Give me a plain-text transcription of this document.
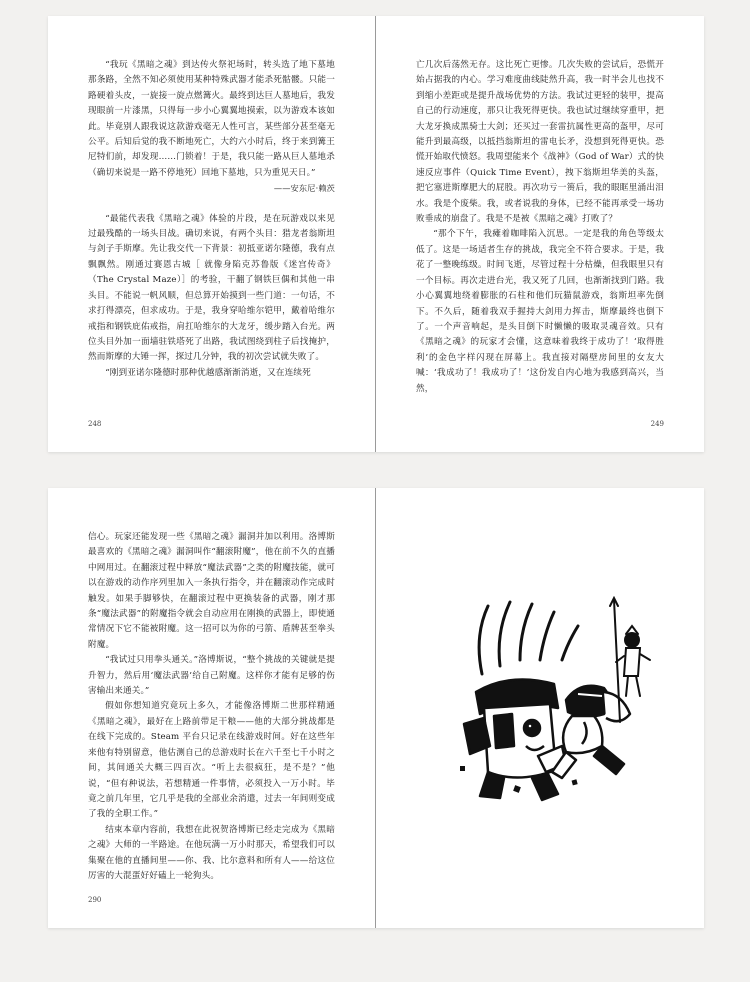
“我玩《黑暗之魂》到达传火祭祀场时，转头选了地下墓地那条路，全然不知必须使用某种特殊武器才能杀死骷髅。只能一路硬着头皮，一旋接一旋点燃篝火。最终到达巨人墓地后，我发现眼前一片漆黑，只得每一步小心翼翼地摸索，以为游戏本该如此。毕竟别人跟我说这款游戏毫无人性可言，某些部分甚至毫无公平。后知后觉的我不断地死亡，大约六小时后，终于来到篝王尼特们前，却发现……门锁着！于是，我只能一路从巨人墓地杀（确切来说是一路不停地死）回地下墓地，只为重见天日。”

——安东尼·赖茨

“最能代表我《黑暗之魂》体验的片段，是在玩游戏以来见过最残酷的一场头目战。确切来说，有两个头目：猎龙者翁斯坦与剑子手斯摩。先让我交代一下背景：初抵亚诺尔隆德，我有点飘飘然。刚通过赛恩古城［ 就像身陷克苏鲁版《迷宫传奇》（The Crystal Maze）］的考验，干翻了钢铁巨偶和其他一串头目。不能说一帆风顺，但总算开始摸到一些门道：一句话，不求打得漂亮，但求成功。于是，我身穿哈维尔铠甲，戴着哈维尔戒指和钢铁庇佑戒指，肩扛哈维尔的大龙牙，缓步踏入台光。两位头目外加一面墙驻铁塔死了出路，我试图绕到柱子后找掩护，然而斯摩的大锤一挥，探过几分钟，我的初次尝试就失败了。

“刚到亚诺尔隆德时那种优越感渐渐消逝，又在连续死

248

亡几次后荡然无存。这比死亡更惨。几次失败的尝试后，恐慌开始占据我的内心。学习难度曲线陡然升高，我一时半会儿也找不到缩小差距或是提升战场优势的方法。我试过更轻的装甲，提高自己的行动速度，那只让我死得更快。我也试过继续穿重甲，把大龙牙换成黑骑士大剑；还买过一套雷抗属性更高的盔甲，尽可能升到最高级，以抵挡翁斯坦的雷电长矛，没想到死得更快。恐慌开始取代愤怒。我周望能来个《战神》（God of War）式的快速反应事件（Quick Time Event），拽下翁斯坦华美的头盔，把它塞进斯摩肥大的屁股。再次功亏一篑后，我的眼眶里涌出泪水。我是个废柴。我，或者说我的身体，已经不能再承受一场功败垂成的崩盘了。我是不是被《黑暗之魂》打败了？

“那个下午，我瘫着咖啡陷入沉思。一定是我的角色等级太低了。这是一场适者生存的挑战，我完全不符合要求。于是，我花了一整晚练级。时间飞逝，尽管过程十分枯燥，但我眼里只有一个目标。再次走进台光，我又死了几回，也渐渐找到门路。我小心翼翼地绕着膨胀的石柱和他们玩猫鼠游戏，翁斯坦率先倒下。不久后，随着我双手握持大剑用力挥击，斯摩最终也倒下了。一个声音响起，是头目倒下时懒懒的吸取灵魂音效。只有《黑暗之魂》的玩家才会懂，这意味着我终于成功了！‘取得胜利’的金色字样闪现在屏幕上。我直接对隔壁房间里的女友大喊：‘我成功了！我成功了！’这份发自内心地为我感到高兴，当然，

249

信心。玩家还能发现一些《黑暗之魂》漏洞并加以利用。洛博斯最喜欢的《黑暗之魂》漏洞叫作“翻滚附魔”，他在前不久的直播中网用过。在翻滚过程中释放“魔法武器”之类的附魔技能，就可以在游戏的动作序列里加入一条执行指令，并在翻滚动作完成时触发。如果手脚够快，在翻滚过程中更换装备的武器，刚才那条“魔法武器”的附魔指令就会自动应用在刚换的武器上，即使通常情况下它不能被附魔。这一招可以为你的弓箭、盾牌甚至拳头附魔。

“我试过只用拳头通关。”洛博斯说，“整个挑战的关键就是提升智力，然后用‘魔法武器’给自己附魔。这样你才能有足够的伤害输出来通关。”

假如你想知道究竟玩上多久，才能像洛博斯二世那样精通《黑暗之魂》，最好在上路前带足干粮——他的大部分挑战都是在线下完成的。Steam 平台只记录在线游戏时间。好在这些年来他有特别留意，他估测自己的总游戏时长在六千至七千小时之间，其间通关大概三四百次。“听上去很疯狂，是不是？”他说，“但有种说法，若想精通一件事情，必须投入一万小时。毕竟之前几年里，它几乎是我的全部业余消遣，过去一年间则变成了我的全职工作。”

结束本章内容前，我想在此祝贺洛博斯已经走完成为《黑暗之魂》大师的一半路途。在他玩满一万小时那天，希望我们可以集聚在他的直播间里——你、我、比尔意料和所有人——给这位厉害的大混蛋好好磕上一轮狗头。

290
